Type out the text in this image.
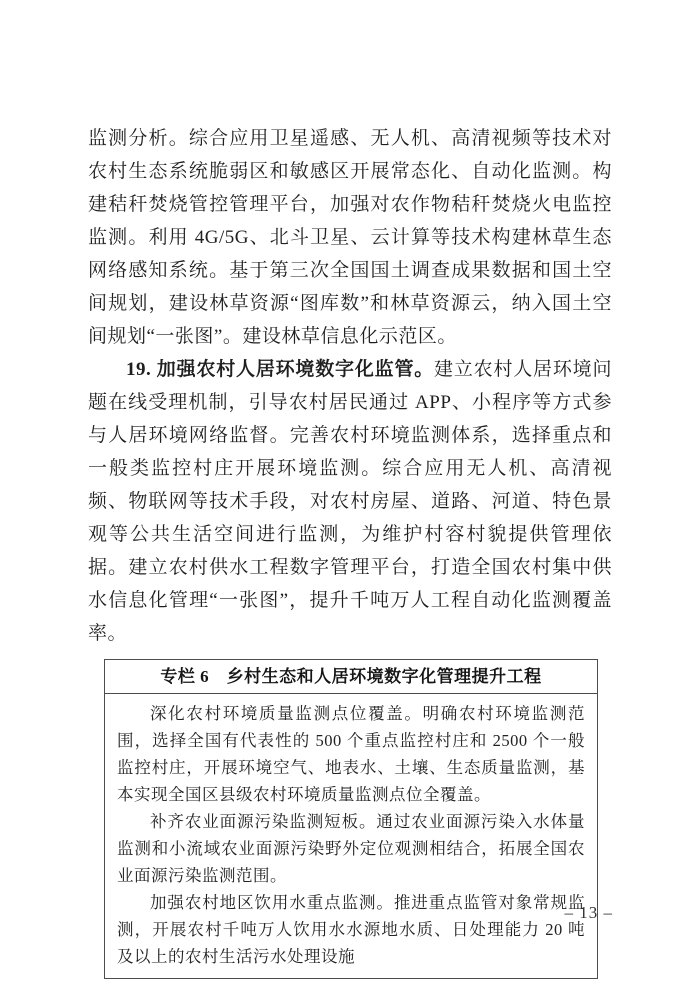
监测分析。综合应用卫星遥感、无人机、高清视频等技术对农村生态系统脆弱区和敏感区开展常态化、自动化监测。构建秸秆焚烧管控管理平台，加强对农作物秸秆焚烧火电监控监测。利用 4G/5G、北斗卫星、云计算等技术构建林草生态网络感知系统。基于第三次全国国土调查成果数据和国土空间规划，建设林草资源“图库数”和林草资源云，纳入国土空间规划“一张图”。建设林草信息化示范区。

19. 加强农村人居环境数字化监管。建立农村人居环境问题在线受理机制，引导农村居民通过 APP、小程序等方式参与人居环境网络监督。完善农村环境监测体系，选择重点和一般类监控村庄开展环境监测。综合应用无人机、高清视频、物联网等技术手段，对农村房屋、道路、河道、特色景观等公共生活空间进行监测，为维护村容村貌提供管理依据。建立农村供水工程数字管理平台，打造全国农村集中供水信息化管理“一张图”，提升千吨万人工程自动化监测覆盖率。

专栏 6　乡村生态和人居环境数字化管理提升工程

深化农村环境质量监测点位覆盖。明确农村环境监测范围，选择全国有代表性的 500 个重点监控村庄和 2500 个一般监控村庄，开展环境空气、地表水、土壤、生态质量监测，基本实现全国区县级农村环境质量监测点位全覆盖。

补齐农业面源污染监测短板。通过农业面源污染入水体量监测和小流域农业面源污染野外定位观测相结合，拓展全国农业面源污染监测范围。

加强农村地区饮用水重点监测。推进重点监管对象常规监测，开展农村千吨万人饮用水水源地水质、日处理能力 20 吨及以上的农村生活污水处理设施

– 13 –
